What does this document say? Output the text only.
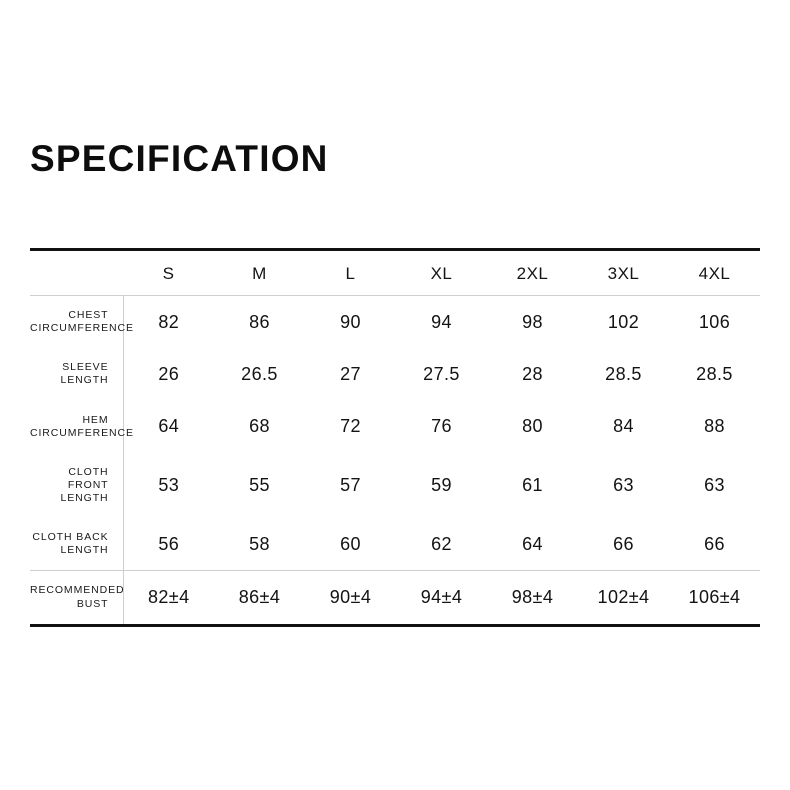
SPECIFICATION

	S	M	L	XL	2XL	3XL	4XL

CHEST
CIRCUMFERENCE	82	86	90	94	98	102	106

SLEEVE LENGTH	26	26.5	27	27.5	28	28.5	28.5

HEM
CIRCUMFERENCE	64	68	72	76	80	84	88

CLOTH FRONT
LENGTH	53	55	57	59	61	63	63

CLOTH BACK
LENGTH	56	58	60	62	64	66	66

RECOMMENDED
BUST	82±4	86±4	90±4	94±4	98±4	102±4	106±4
